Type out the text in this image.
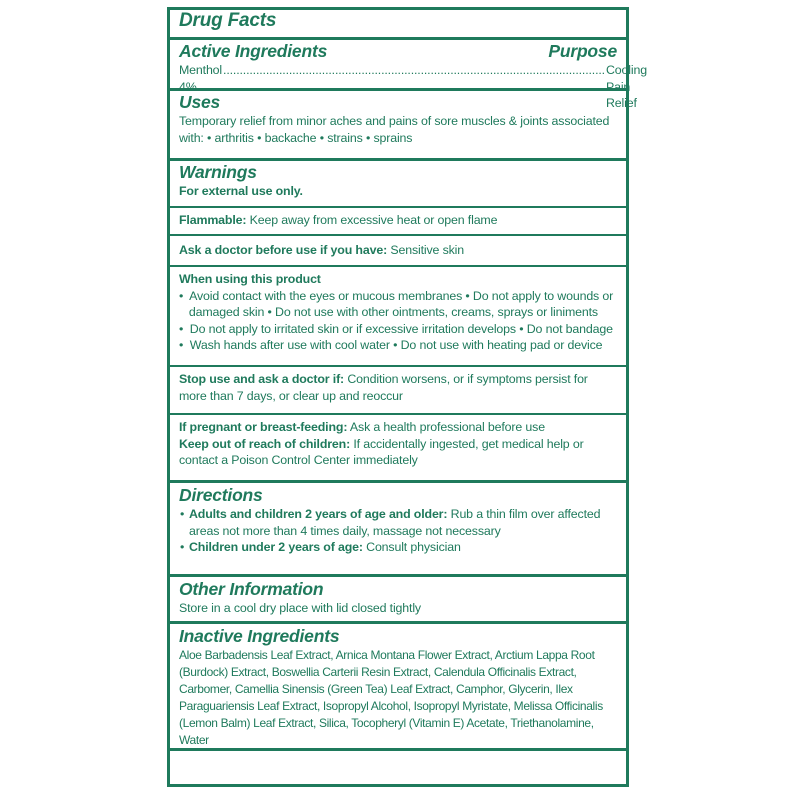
Drug Facts
Active Ingredients	Purpose
Menthol 4%
.................................................................................................................... Cooling Pain Relief
Uses
Temporary relief from minor aches and pains of sore muscles & joints associated with: • arthritis • backache • strains • sprains
Warnings
For external use only.
Flammable: Keep away from excessive heat or open flame
Ask a doctor before use if you have: Sensitive skin
When using this product
•  Avoid contact with the eyes or mucous membranes • Do not apply to wounds or
damaged skin • Do not use with other ointments, creams, sprays or liniments
•  Do not apply to irritated skin or if excessive irritation develops • Do not bandage
•  Wash hands after use with cool water • Do not use with heating pad or device
Stop use and ask a doctor if: Condition worsens, or if symptoms persist for more than 7 days, or clear up and reoccur
If pregnant or breast-feeding: Ask a health professional before use
Keep out of reach of children: If accidentally ingested, get medical help or contact a Poison Control Center immediately
Directions
• Adults and children 2 years of age and older: Rub a thin film over affected areas not more than 4 times daily, massage not necessary
• Children under 2 years of age: Consult physician
Other Information
Store in a cool dry place with lid closed tightly
Inactive Ingredients
Aloe Barbadensis Leaf Extract, Arnica Montana Flower Extract, Arctium Lappa Root (Burdock) Extract, Boswellia Carterii Resin Extract, Calendula Officinalis Extract, Carbomer, Camellia Sinensis (Green Tea) Leaf Extract, Camphor, Glycerin, Ilex Paraguariensis Leaf Extract, Isopropyl Alcohol, Isopropyl Myristate, Melissa Officinalis (Lemon Balm) Leaf Extract, Silica, Tocopheryl (Vitamin E) Acetate, Triethanolamine, Water
